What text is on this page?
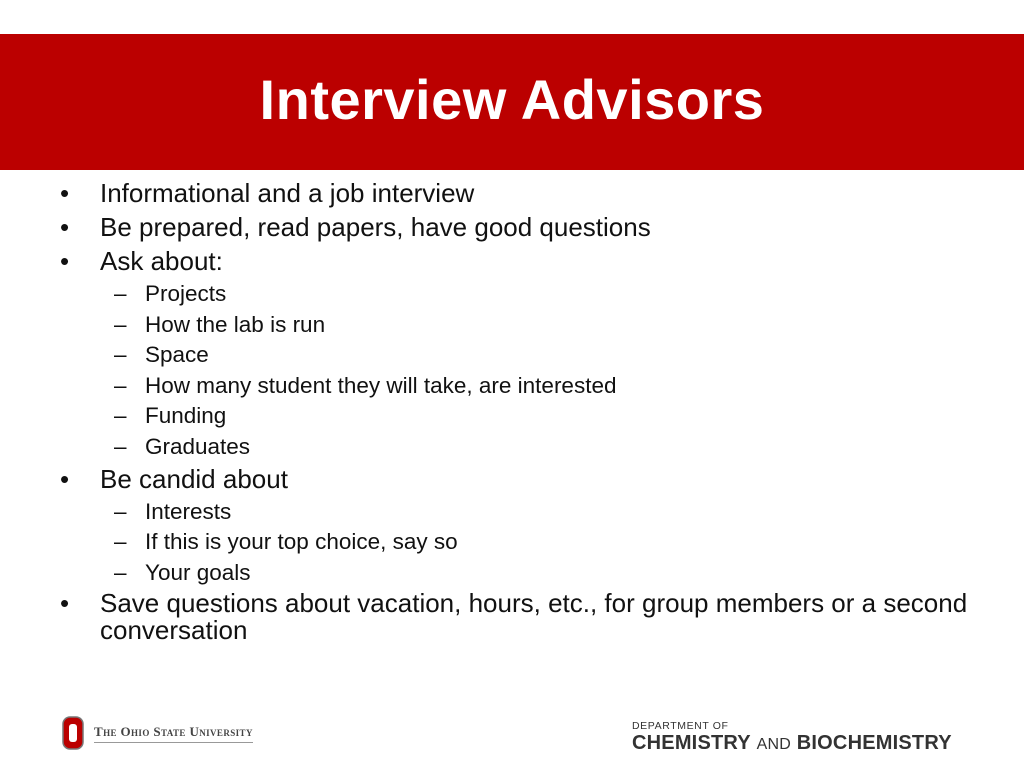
Interview Advisors
• Informational and a job interview
• Be prepared, read papers, have good questions
• Ask about:
– Projects
– How the lab is run
– Space
– How many student they will take, are interested
– Funding
– Graduates
• Be candid about
– Interests
– If this is your top choice, say so
– Your goals
• Save questions about vacation, hours, etc., for group members or a second conversation
The Ohio State University	DEPARTMENT OF
CHEMISTRY AND BIOCHEMISTRY
